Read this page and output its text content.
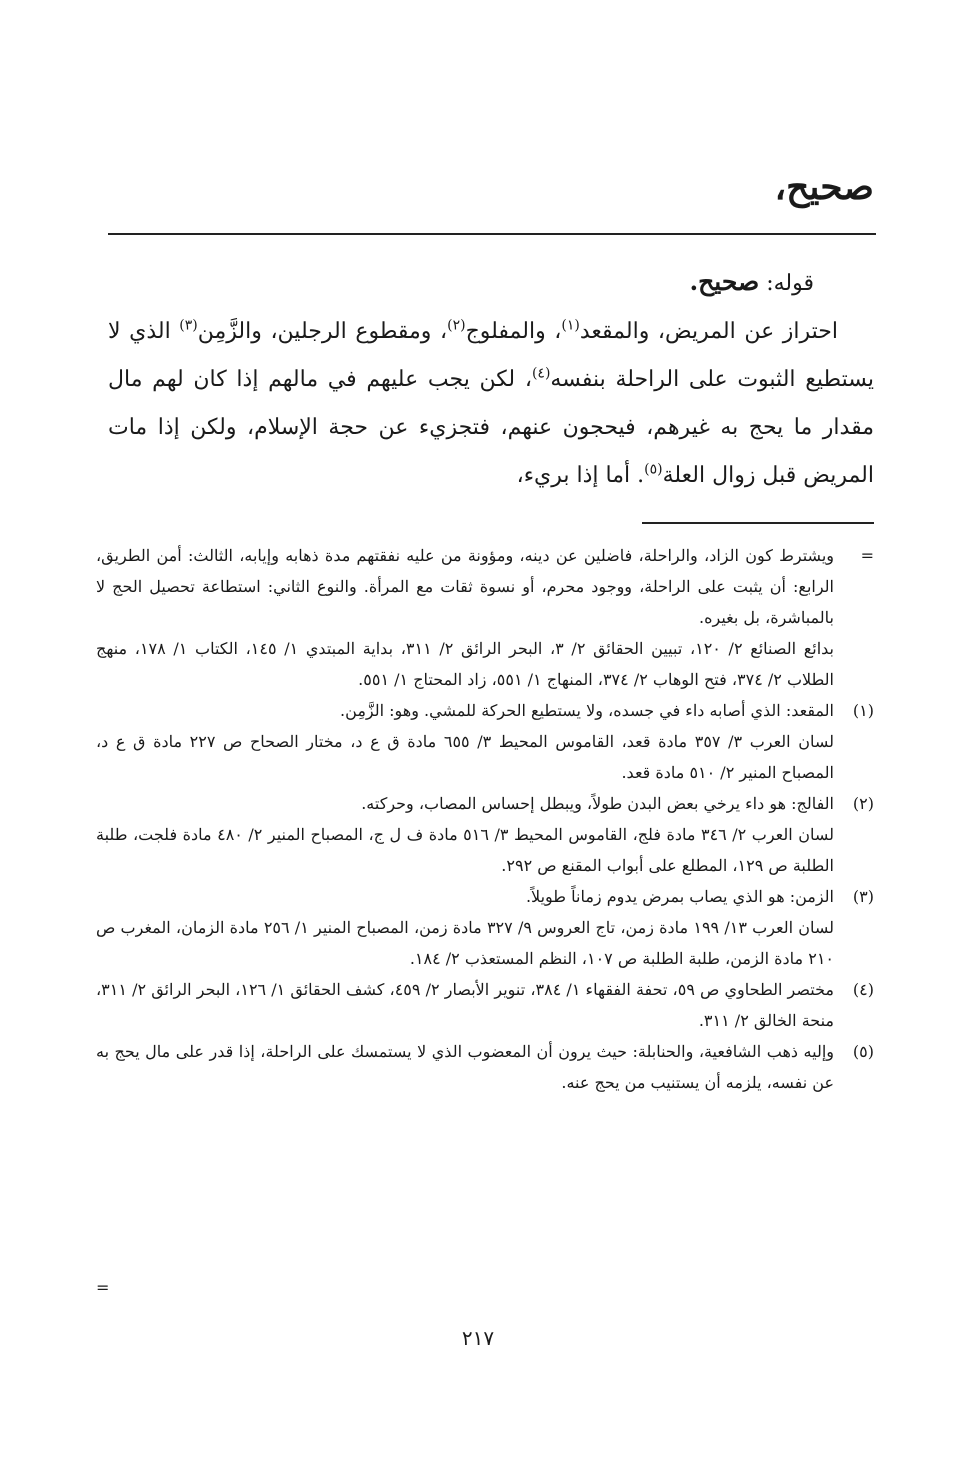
صحيح،

قوله: صحيح.

احتراز عن المريض، والمقعد$^{(١)}$، والمفلوج$^{(٢)}$، ومقطوع الرجلين، والزَّمِن$^{(٣)}$ الذي لا يستطيع الثبوت على الراحلة بنفسه$^{(٤)}$، لكن يجب عليهم في مالهم إذا كان لهم مال مقدار ما يحج به غيرهم، فيحجون عنهم، فتجزيء عن حجة الإسلام، ولكن إذا مات المريض قبل زوال العلة$^{(٥)}$. أما إذا بريء،

=

ويشترط كون الزاد، والراحلة، فاضلين عن دينه، ومؤونة من عليه نفقتهم مدة ذهابه وإيابه، الثالث: أمن الطريق، الرابع: أن يثبت على الراحلة، ووجود محرم، أو نسوة ثقات مع المرأة. والنوع الثاني: استطاعة تحصيل الحج لا بالمباشرة، بل بغيره.

بدائع الصنائع ٢/ ١٢٠، تبيين الحقائق ٢/ ٣، البحر الرائق ٢/ ٣١١، بداية المبتدي ١/ ١٤٥، الكتاب ١/ ١٧٨، منهج الطلاب ٢/ ٣٧٤، فتح الوهاب ٢/ ٣٧٤، المنهاج ١/ ٥٥١، زاد المحتاج ١/ ٥٥١.

(١)

المقعد: الذي أصابه داء في جسده، ولا يستطيع الحركة للمشي. وهو: الزَّمِن.

لسان العرب ٣/ ٣٥٧ مادة قعد، القاموس المحيط ٣/ ٦٥٥ مادة ق ع د، مختار الصحاح ص ٢٢٧ مادة ق ع د، المصباح المنير ٢/ ٥١٠ مادة قعد.

(٢)

الفالج: هو داء يرخي بعض البدن طولاً، ويبطل إحساس المصاب، وحركته.

لسان العرب ٢/ ٣٤٦ مادة فلج، القاموس المحيط ٣/ ٥١٦ مادة ف ل ج، المصباح المنير ٢/ ٤٨٠ مادة فلجت، طلبة الطلبة ص ١٢٩، المطلع على أبواب المقنع ص ٢٩٢.

(٣)

الزمن: هو الذي يصاب بمرض يدوم زماناً طويلاً.

لسان العرب ١٣/ ١٩٩ مادة زمن، تاج العروس ٩/ ٣٢٧ مادة زمن، المصباح المنير ١/ ٢٥٦ مادة الزمان، المغرب ص ٢١٠ مادة الزمن، طلبة الطلبة ص ١٠٧، النظم المستعذب ٢/ ١٨٤.

(٤)

مختصر الطحاوي ص ٥٩، تحفة الفقهاء ١/ ٣٨٤، تنوير الأبصار ٢/ ٤٥٩، كشف الحقائق ١/ ١٢٦، البحر الرائق ٢/ ٣١١، منحة الخالق ٢/ ٣١١.

(٥)

وإليه ذهب الشافعية، والحنابلة: حيث يرون أن المعضوب الذي لا يستمسك على الراحلة، إذا قدر على مال يحج به عن نفسه، يلزمه أن يستنيب من يحج عنه.

=
٢١٧
